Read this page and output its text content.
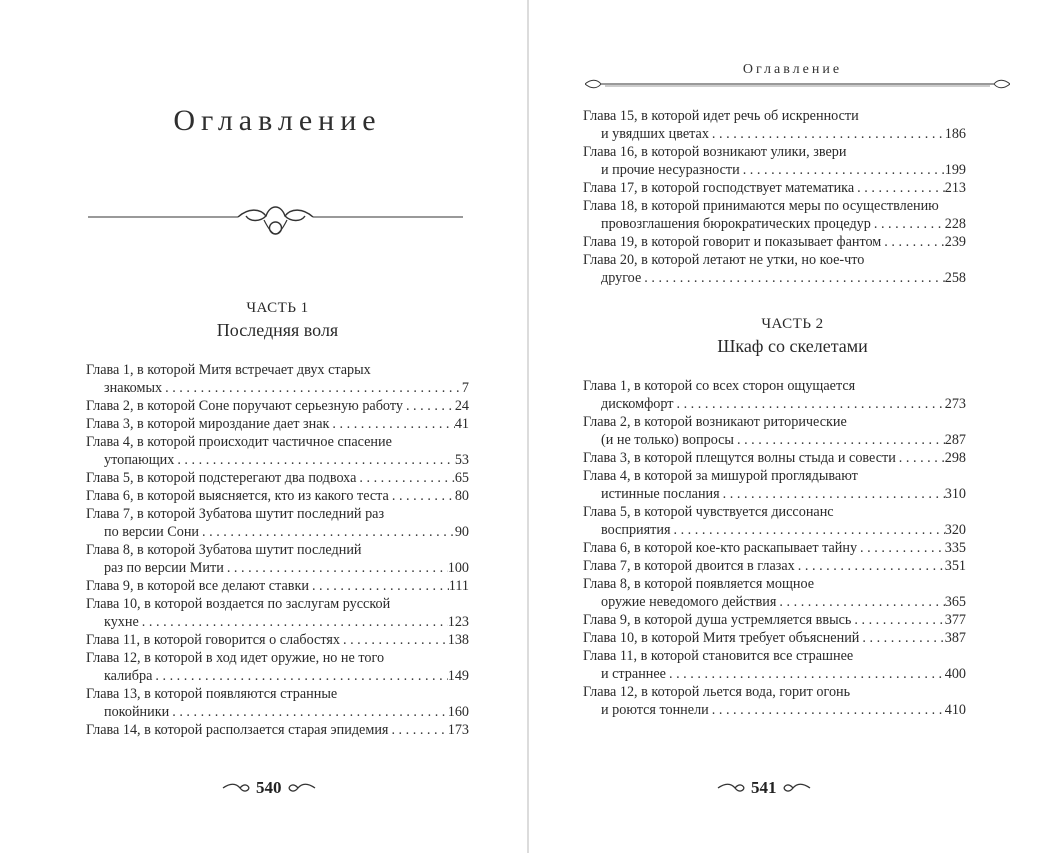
Оглавление
ЧАСТЬ 1
Последняя воля
Глава 1, в которой Митя встречает двух старых
знакомых . . .	7
Глава 2, в которой Соне поручают серьезную работу . . .	24
Глава 3, в которой мироздание дает знак . . .	41
Глава 4, в которой происходит частичное спасение
утопающих . . .	53
Глава 5, в которой подстерегают два подвоха . . .	65
Глава 6, в которой выясняется, кто из какого теста . . .	80
Глава 7, в которой Зубатова шутит последний раз
по версии Сони . . .	90
Глава 8, в которой Зубатова шутит последний
раз по версии Мити . . .	100
Глава 9, в которой все делают ставки . . .	111
Глава 10, в которой воздается по заслугам русской
кухне . . .	123
Глава 11, в которой говорится о слабостях . . .	138
Глава 12, в которой в ход идет оружие, но не того
калибра . . .	149
Глава 13, в которой появляются странные
покойники . . .	160
Глава 14, в которой расползается старая эпидемия . . .	173
540
Оглавление
Глава 15, в которой идет речь об искренности
и увядших цветах . . .	186
Глава 16, в которой возникают улики, звери
и прочие несуразности . . .	199
Глава 17, в которой господствует математика . . .	213
Глава 18, в которой принимаются меры по осуществлению
провозглашения бюрократических процедур . . .	228
Глава 19, в которой говорит и показывает фантом . . .	239
Глава 20, в которой летают не утки, но кое-что
другое . . .	258
ЧАСТЬ 2
Шкаф со скелетами
Глава 1, в которой со всех сторон ощущается
дискомфорт . . .	273
Глава 2, в которой возникают риторические
(и не только) вопросы . . .	287
Глава 3, в которой плещутся волны стыда и совести . . .	298
Глава 4, в которой за мишурой проглядывают
истинные послания . . .	310
Глава 5, в которой чувствуется диссонанс
восприятия . . .	320
Глава 6, в которой кое-кто раскапывает тайну . . .	335
Глава 7, в которой двоится в глазах . . .	351
Глава 8, в которой появляется мощное
оружие неведомого действия . . .	365
Глава 9, в которой душа устремляется ввысь . . .	377
Глава 10, в которой Митя требует объяснений . . .	387
Глава 11, в которой становится все страшнее
и страннее . . .	400
Глава 12, в которой льется вода, горит огонь
и роются тоннели . . .	410
541
